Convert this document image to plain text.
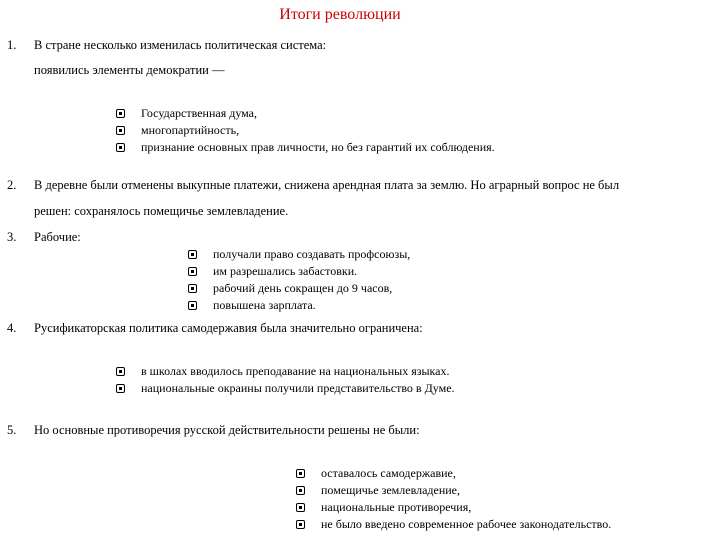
Итоги революции
1. В стране несколько изменилась политическая система:
появились элементы демократии —
Государственная дума,
многопартийность,
признание основных прав личности, но без гарантий их соблюдения.
2. В деревне были отменены выкупные платежи, снижена арендная плата за землю. Но аграрный вопрос не был
решен: сохранялось помещичье землевладение.
3. Рабочие:
получали право создавать профсоюзы,
им разрешались забастовки.
рабочий день сокращен до 9 часов,
повышена зарплата.
4. Русификаторская политика самодержавия была значительно ограничена:
в школах вводилось преподавание на национальных языках.
национальные окраины получили представительство в Думе.
5. Но основные противоречия русской действительности решены не были:
оставалось самодержавие,
помещичье землевладение,
национальные противоречия,
не было введено современное рабочее законодательство.
